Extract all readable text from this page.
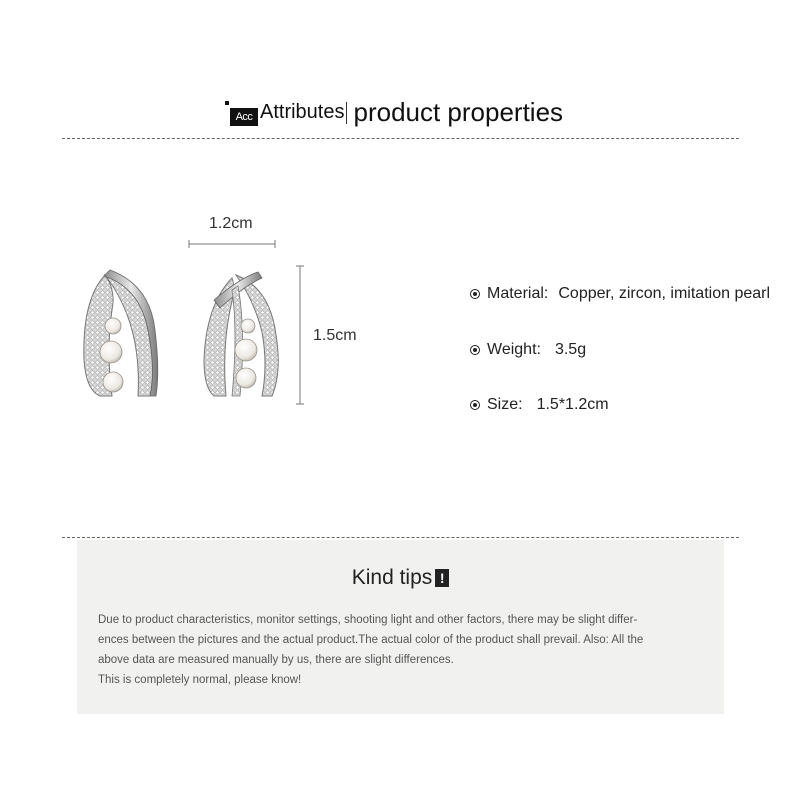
Acc Attributes product properties
1.2cm
1.5cm
Material: Copper, zircon, imitation pearl
Weight: 3.5g
Size: 1.5*1.2cm
Kind tips !
Due to product characteristics, monitor settings, shooting light and other factors, there may be slight differ-
ences between the pictures and the actual product.The actual color of the product shall prevail. Also: All the
above data are measured manually by us, there are slight differences.
This is completely normal, please know!
